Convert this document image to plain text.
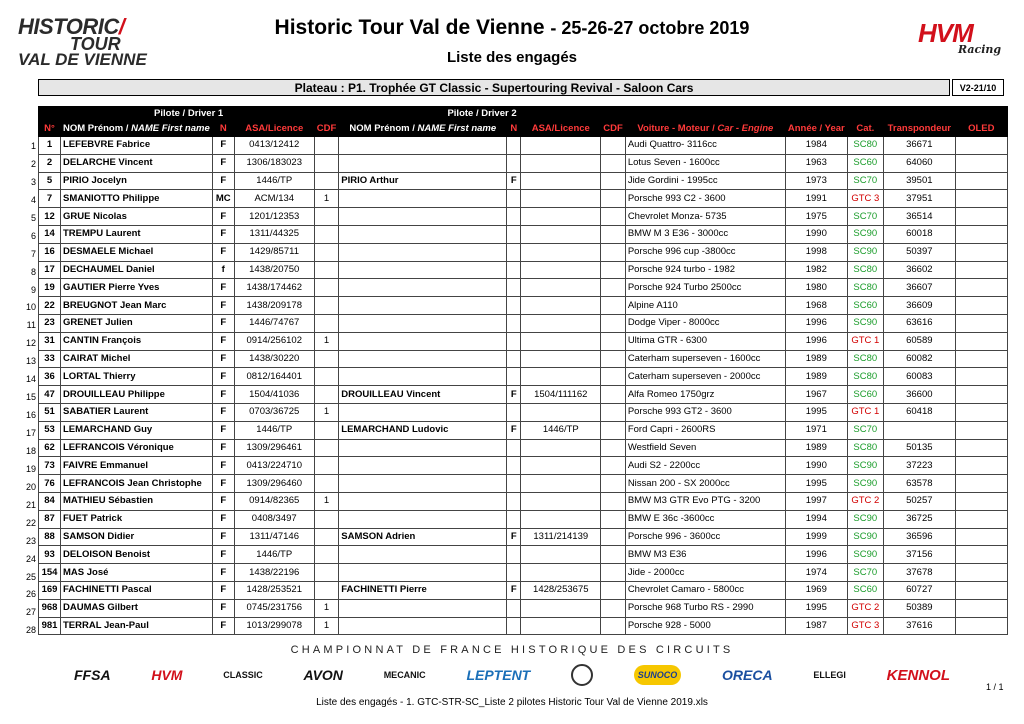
HISTORIC/
TOUR
VAL DE VIENNE
Historic Tour Val de Vienne - 25-26-27 octobre 2019
Liste des engagés
HVM
Racing
Plateau : P1. Trophée GT Classic - Supertouring Revival - Saloon Cars	V2-21/10
1
2
3
4
5
6
7
8
9
10
11
12
13
14
15
16
17
18
19
20
21
22
23
24
25
26
27
28
Pilote / Driver 1					Pilote / Driver 2								
N°	NOM Prénom / NAME First name	N	ASA/Licence	CDF	NOM Prénom / NAME First name	N	ASA/Licence	CDF	Voiture - Moteur / Car - Engine	Année / Year	Cat.	Transpondeur	OLED
1	LEFEBVRE Fabrice	F	0413/12412						Audi Quattro- 3116cc	1984	SC80	36671	
2	DELARCHE Vincent	F	1306/183023						Lotus Seven - 1600cc	1963	SC60	64060	
5	PIRIO Jocelyn	F	1446/TP		PIRIO Arthur	F			Jide Gordini - 1995cc	1973	SC70	39501	
7	SMANIOTTO Philippe	MC	ACM/134	1					Porsche 993 C2 - 3600	1991	GTC 3	37951	
12	GRUE Nicolas	F	1201/12353						Chevrolet Monza- 5735	1975	SC70	36514	
14	TREMPU Laurent	F	1311/44325						BMW M 3 E36 - 3000cc	1990	SC90	60018	
16	DESMAELE Michael	F	1429/85711						Porsche 996 cup -3800cc	1998	SC90	50397	
17	DECHAUMEL Daniel	f	1438/20750						Porsche 924 turbo - 1982	1982	SC80	36602	
19	GAUTIER Pierre Yves	F	1438/174462						Porsche 924 Turbo 2500cc	1980	SC80	36607	
22	BREUGNOT Jean Marc	F	1438/209178						Alpine A110	1968	SC60	36609	
23	GRENET Julien	F	1446/74767						Dodge Viper - 8000cc	1996	SC90	63616	
31	CANTIN François	F	0914/256102	1					Ultima GTR - 6300	1996	GTC 1	60589	
33	CAIRAT Michel	F	1438/30220						Caterham superseven - 1600cc	1989	SC80	60082	
36	LORTAL Thierry	F	0812/164401						Caterham superseven - 2000cc	1989	SC80	60083	
47	DROUILLEAU Philippe	F	1504/41036		DROUILLEAU Vincent	F	1504/111162		Alfa Romeo 1750grz	1967	SC60	36600	
51	SABATIER Laurent	F	0703/36725	1					Porsche 993 GT2 - 3600	1995	GTC 1	60418	
53	LEMARCHAND Guy	F	1446/TP		LEMARCHAND Ludovic	F	1446/TP		Ford Capri - 2600RS	1971	SC70		
62	LEFRANCOIS Véronique	F	1309/296461						Westfield Seven	1989	SC80	50135	
73	FAIVRE Emmanuel	F	0413/224710						Audi S2 - 2200cc	1990	SC90	37223	
76	LEFRANCOIS Jean Christophe	F	1309/296460						Nissan 200 - SX 2000cc	1995	SC90	63578	
84	MATHIEU Sébastien	F	0914/82365	1					BMW M3 GTR Evo PTG - 3200	1997	GTC 2	50257	
87	FUET Patrick	F	0408/3497						BMW E 36c -3600cc	1994	SC90	36725	
88	SAMSON Didier	F	1311/47146		SAMSON Adrien	F	1311/214139		Porsche 996 - 3600cc	1999	SC90	36596	
93	DELOISON Benoist	F	1446/TP						BMW M3 E36	1996	SC90	37156	
154	MAS José	F	1438/22196						Jide - 2000cc	1974	SC70	37678	
169	FACHINETTI Pascal	F	1428/253521		FACHINETTI Pierre	F	1428/253675		Chevrolet Camaro - 5800cc	1969	SC60	60727	
968	DAUMAS Gilbert	F	0745/231756	1					Porsche 968 Turbo RS - 2990	1995	GTC 2	50389	
981	TERRAL Jean-Paul	F	1013/299078	1					Porsche 928 - 5000	1987	GTC 3	37616	
CHAMPIONNAT DE FRANCE HISTORIQUE DES CIRCUITS
FFSA	HVM	CLASSIC	AVON	MECANIC	LEPTENT	SUNOCO	ORECA	ELLEGI	KENNOL
1 / 1
Liste des engagés - 1. GTC-STR-SC_Liste 2 pilotes Historic Tour Val de Vienne 2019.xls
